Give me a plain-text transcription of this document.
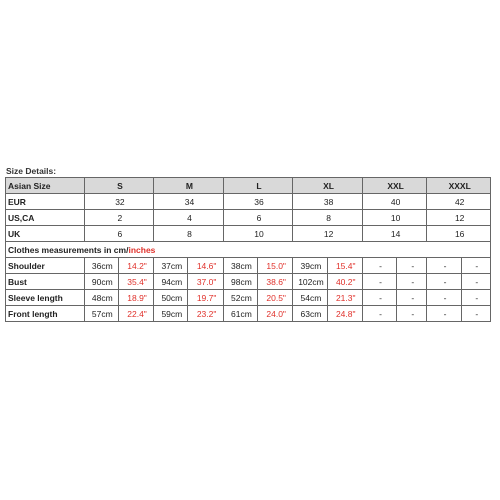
Size Details:
Asian Size	S		M		L		XL		XXL		XXXL	
EUR	32		34		36		38		40		42	
US,CA	2		4		6		8		10		12	
UK	6		8		10		12		14		16	
Clothes measurements in cm/inches												
Shoulder	36cm	14.2"	37cm	14.6"	38cm	15.0"	39cm	15.4"	-	-	-	-
Bust	90cm	35.4"	94cm	37.0"	98cm	38.6"	102cm	40.2"	-	-	-	-
Sleeve length	48cm	18.9"	50cm	19.7"	52cm	20.5"	54cm	21.3"	-	-	-	-
Front length	57cm	22.4"	59cm	23.2"	61cm	24.0"	63cm	24.8"	-	-	-	-
